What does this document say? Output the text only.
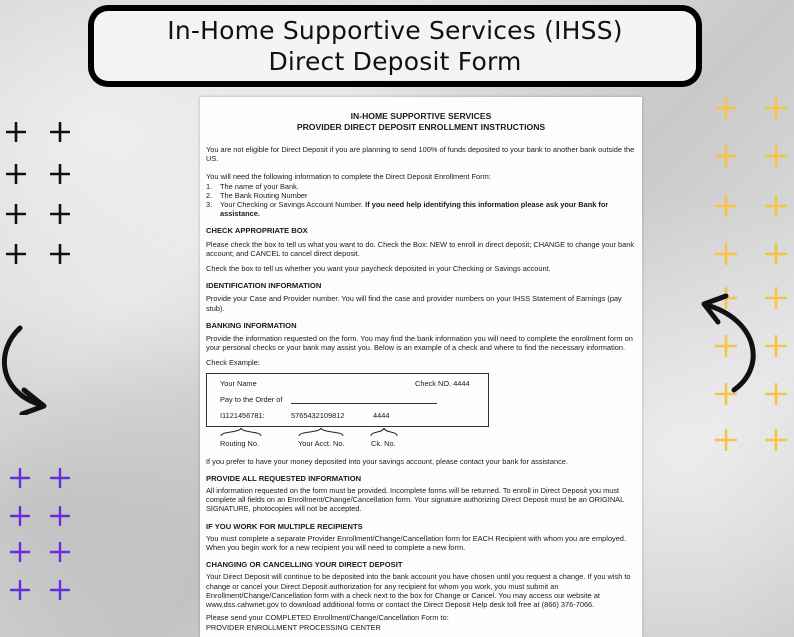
In-Home Supportive Services (IHSS)
Direct Deposit Form
IN-HOME SUPPORTIVE SERVICES
PROVIDER DIRECT DEPOSIT ENROLLMENT INSTRUCTIONS
You are not eligible for Direct Deposit if you are planning to send 100% of funds deposited to your bank to another bank outside the US.
You will need the following information to complete the Direct Deposit Enrollment Form:
1.	The name of your Bank.
2.	The Bank Routing Number
3.	Your Checking or Savings Account Number. If you need help identifying this information please ask your Bank for assistance.
CHECK APPROPRIATE BOX
Please check the box to tell us what you want to do. Check the Box: NEW to enroll in direct deposit; CHANGE to change your bank account; and CANCEL to cancel direct deposit.
Check the box to tell us whether you want your paycheck deposited in your Checking or Savings account.
IDENTIFICATION INFORMATION
Provide your Case and Provider number. You will find the case and provider numbers on your IHSS Statement of Earnings (pay stub).
BANKING INFORMATION
Provide the information requested on the form. You may find the bank information you will need to complete the enrollment form on your personal checks or your bank may assist you. Below is an example of a check and where to find the necessary information.
Check Example:
Your Name	Check NO. 4444
Pay to the Order of
I1121456781:	5765432109812	4444
Routing No.	Your Acct. No.	Ck. No.
If you prefer to have your money deposited into your savings account, please contact your bank for assistance.
PROVIDE ALL REQUESTED INFORMATION
All information requested on the form must be provided. Incomplete forms will be returned. To enroll in Direct Deposit you must complete all fields on an Enrollment/Change/Cancellation form. Your signature authorizing Direct Deposit must be an ORIGINAL SIGNATURE, photocopies will not be accepted.
IF YOU WORK FOR MULTIPLE RECIPIENTS
You must complete a separate Provider Enrollment/Change/Cancellation form for EACH Recipient with whom you are employed. When you begin work for a new recipient you will need to complete a new form.
CHANGING OR CANCELLING YOUR DIRECT DEPOSIT
Your Direct Deposit will continue to be deposited into the bank account you have chosen until you request a change. If you wish to change or cancel your Direct Deposit authorization for any recipient for whom you work, you must submit an Enrollment/Change/Cancellation form with a check next to the box for Change or Cancel. You may access our website at www.dss.cahwnet.gov to download additional forms or contact the Direct Deposit Help desk toll free at (866) 376-7066.
Please send your COMPLETED Enrollment/Change/Cancellation Form to:
PROVIDER ENROLLMENT PROCESSING CENTER
